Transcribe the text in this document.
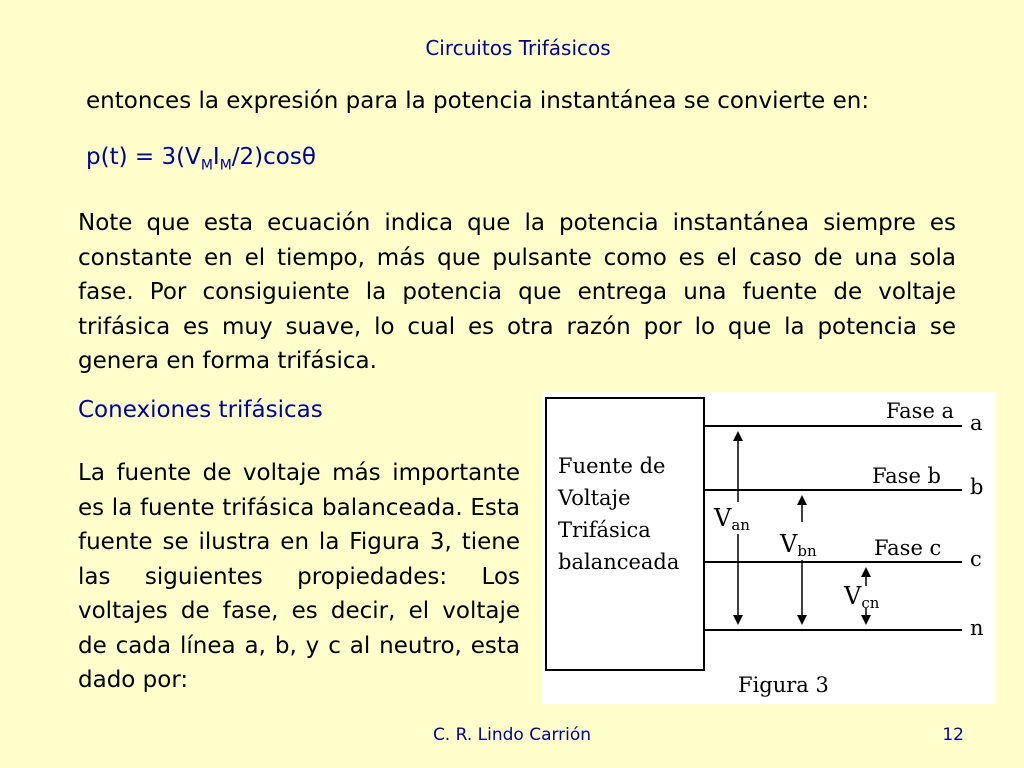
Circuitos Trifásicos
entonces la expresión para la potencia instantánea se convierte en:
$p(t) = 3(V_MI_M/2)\cos\theta$
Note que esta ecuación indica que la potencia instantánea siempre es constante en el tiempo, más que pulsante como es el caso de una sola fase. Por consiguiente la potencia que entrega una fuente de voltaje trifásica es muy suave, lo cual es otra razón por lo que la potencia se genera en forma trifásica.
Conexiones trifásicas
La fuente de voltaje más importante es la fuente trifásica balanceada. Esta fuente se ilustra en la Figura 3, tiene las siguientes propiedades: Los voltajes de fase, es decir, el voltaje de cada línea a, b, y c al neutro, esta dado por:
Fuente de
Voltaje
Trifásica
balanceada
Fase a
Fase b
Fase c
a
b
c
n
Van
Vbn
Vcn
Figura 3
C. R. Lindo Carrión	12
